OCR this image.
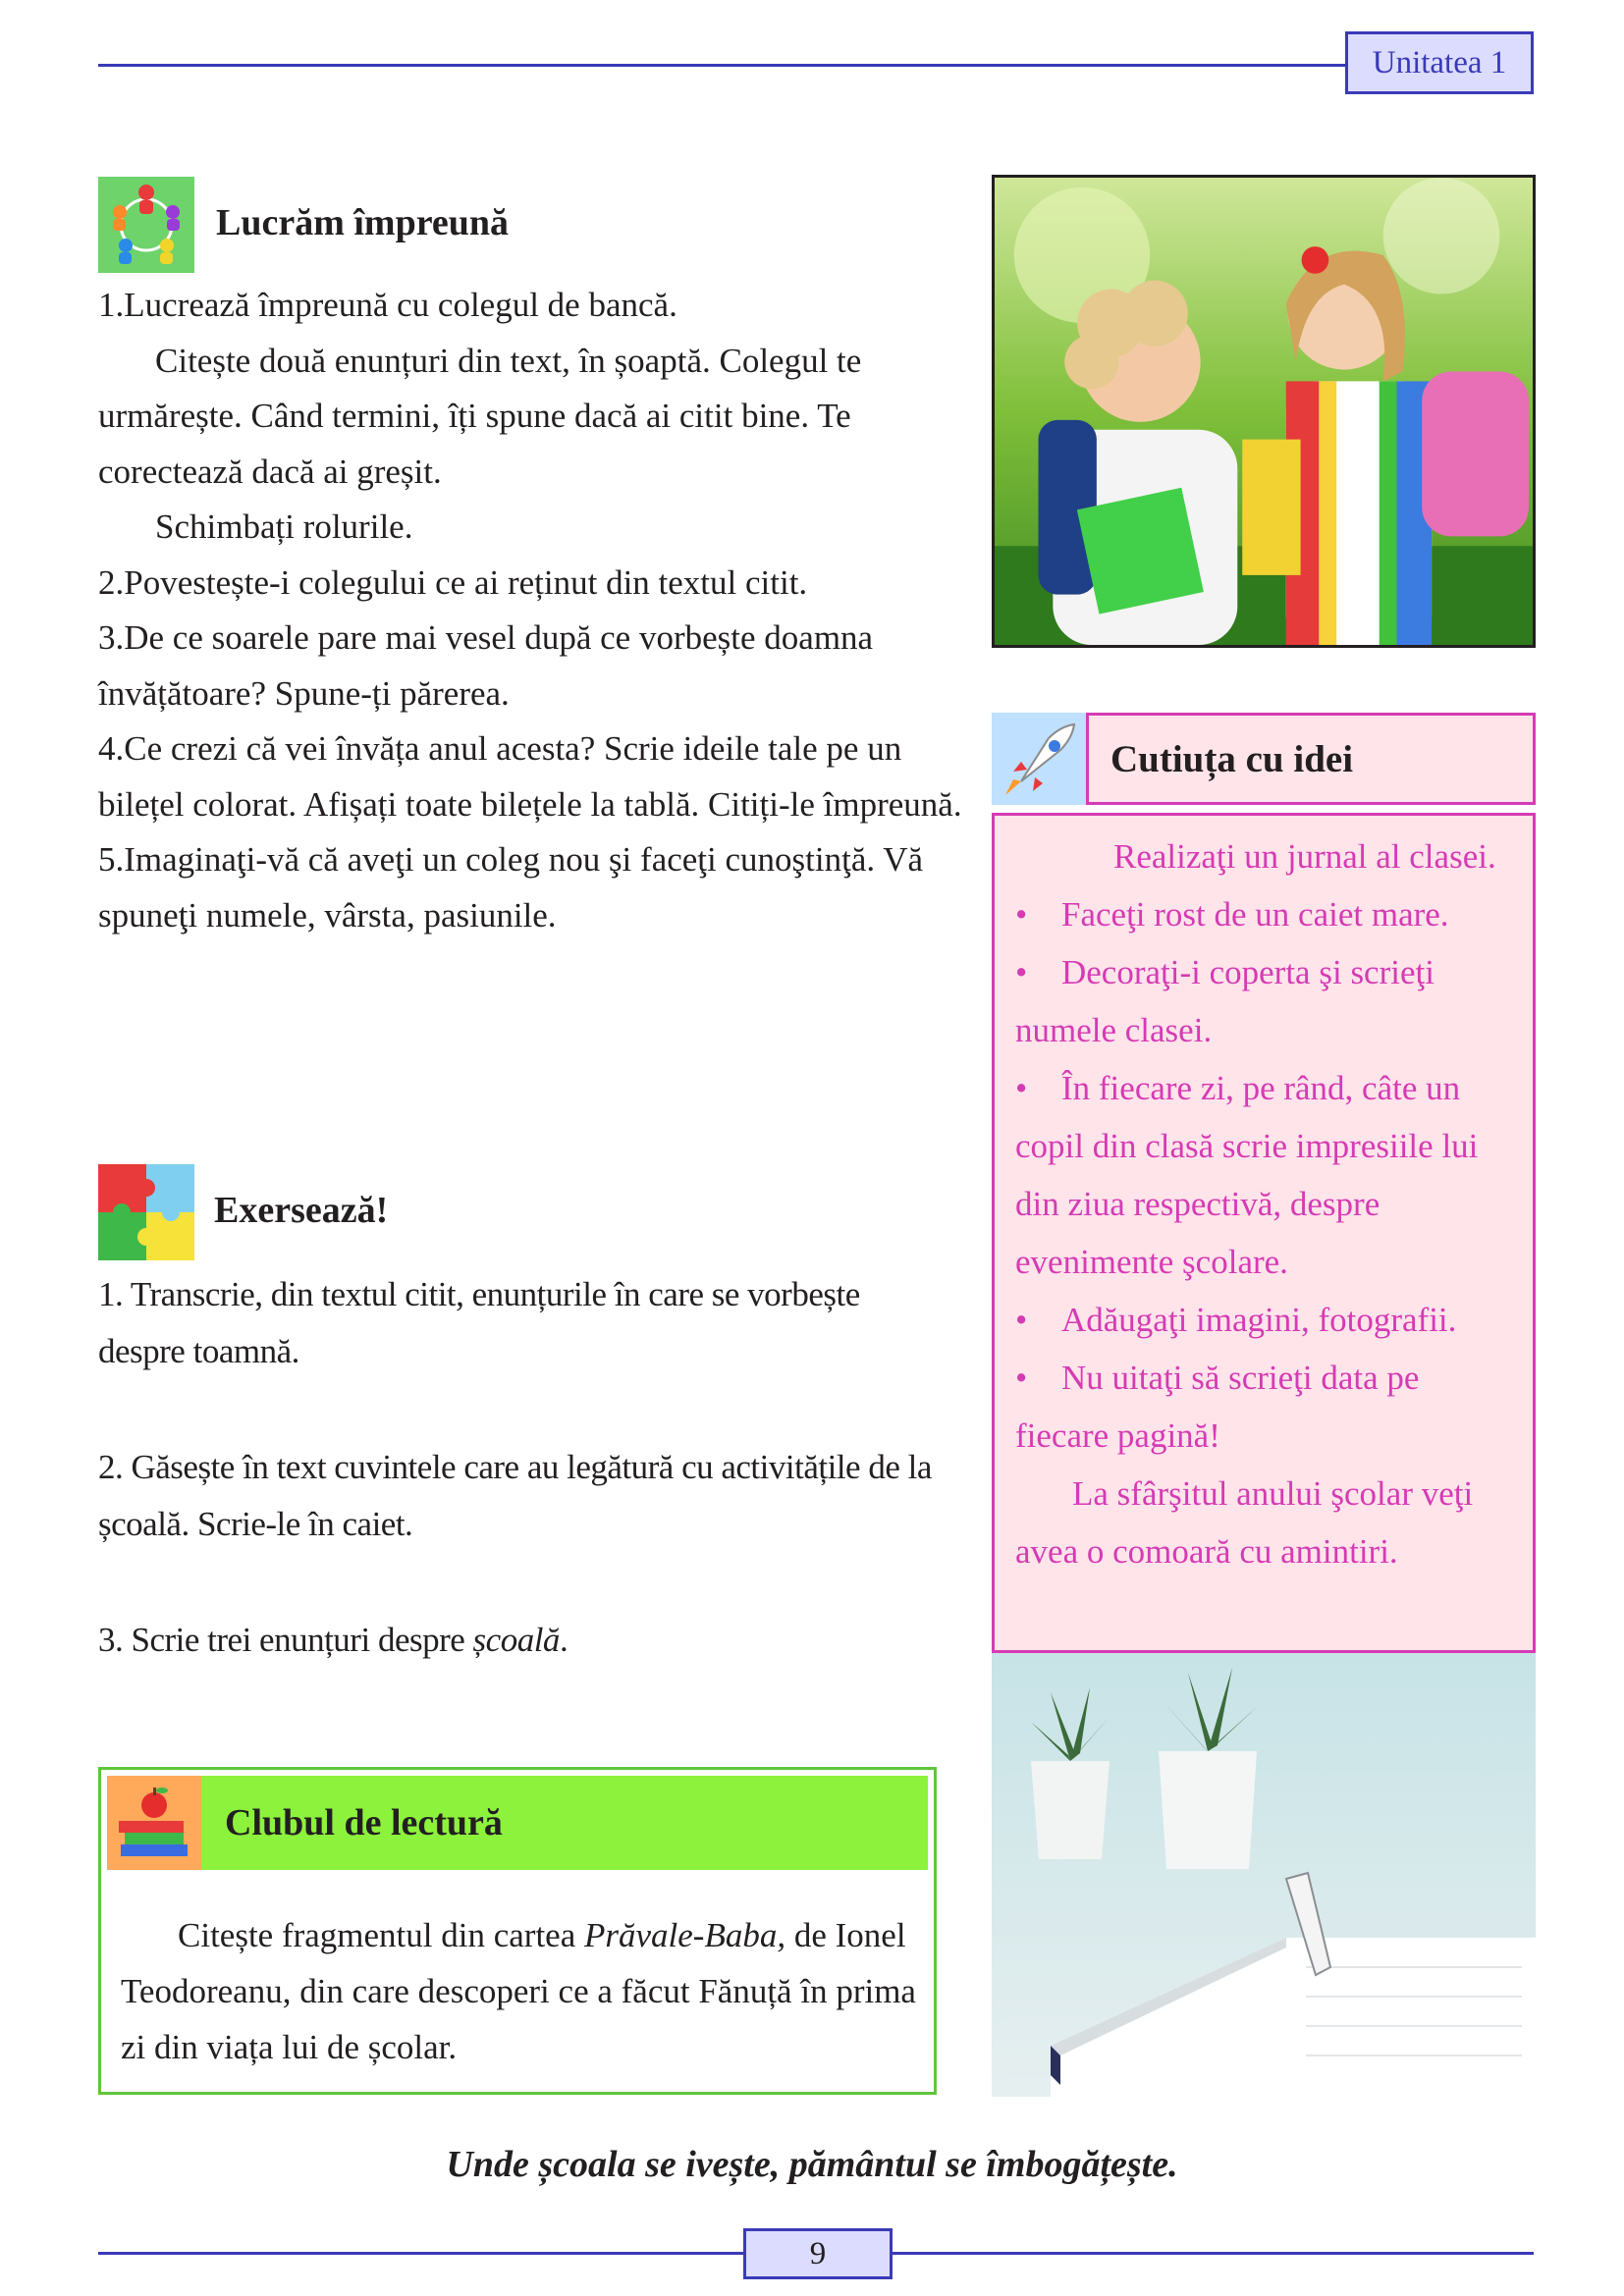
Unitatea 1
Lucrăm împreună

1.Lucrează împreună cu colegul de bancă.

Citește două enunțuri din text, în șoaptă. Colegul te urmărește. Când termini, îți spune dacă ai citit bine. Te corectează dacă ai greșit.

Schimbați rolurile.

2.Povestește-i colegului ce ai reținut din textul citit.

3.De ce soarele pare mai vesel după ce vorbește doamna învățătoare? Spune-ți părerea.

4.Ce crezi că vei învăța anul acesta? Scrie ideile tale pe un bilețel colorat. Afișați toate bilețele la tablă. Citiți-le împreună.

5.Imaginaţi-vă că aveţi un coleg nou şi faceţi cunoştinţă. Vă spuneţi numele, vârsta, pasiunile.

Cutiuța cu idei

Realizaţi un jurnal al clasei.

• Faceţi rost de un caiet mare.

• Decoraţi-i coperta şi scrieţi numele clasei.

• În fiecare zi, pe rând, câte un copil din clasă scrie impresiile lui din ziua respectivă, despre evenimente şcolare.

• Adăugaţi imagini, fotografii.

• Nu uitaţi să scrieţi data pe fiecare pagină!

La sfârşitul anului şcolar veţi avea o comoară cu amintiri.

Exersează!
1. Transcrie, din textul citit, enunțurile în care se vorbește despre toamnă.
2. Găsește în text cuvintele care au legătură cu activitățile de la școală. Scrie-le în caiet.
3. Scrie trei enunțuri despre școală.
Clubul de lectură

Citește fragmentul din cartea Prăvale-Baba, de Ionel Teodoreanu, din care descoperi ce a făcut Fănuță în prima zi din viața lui de școlar.

Unde școala se ivește, pământul se îmbogățește.
9
